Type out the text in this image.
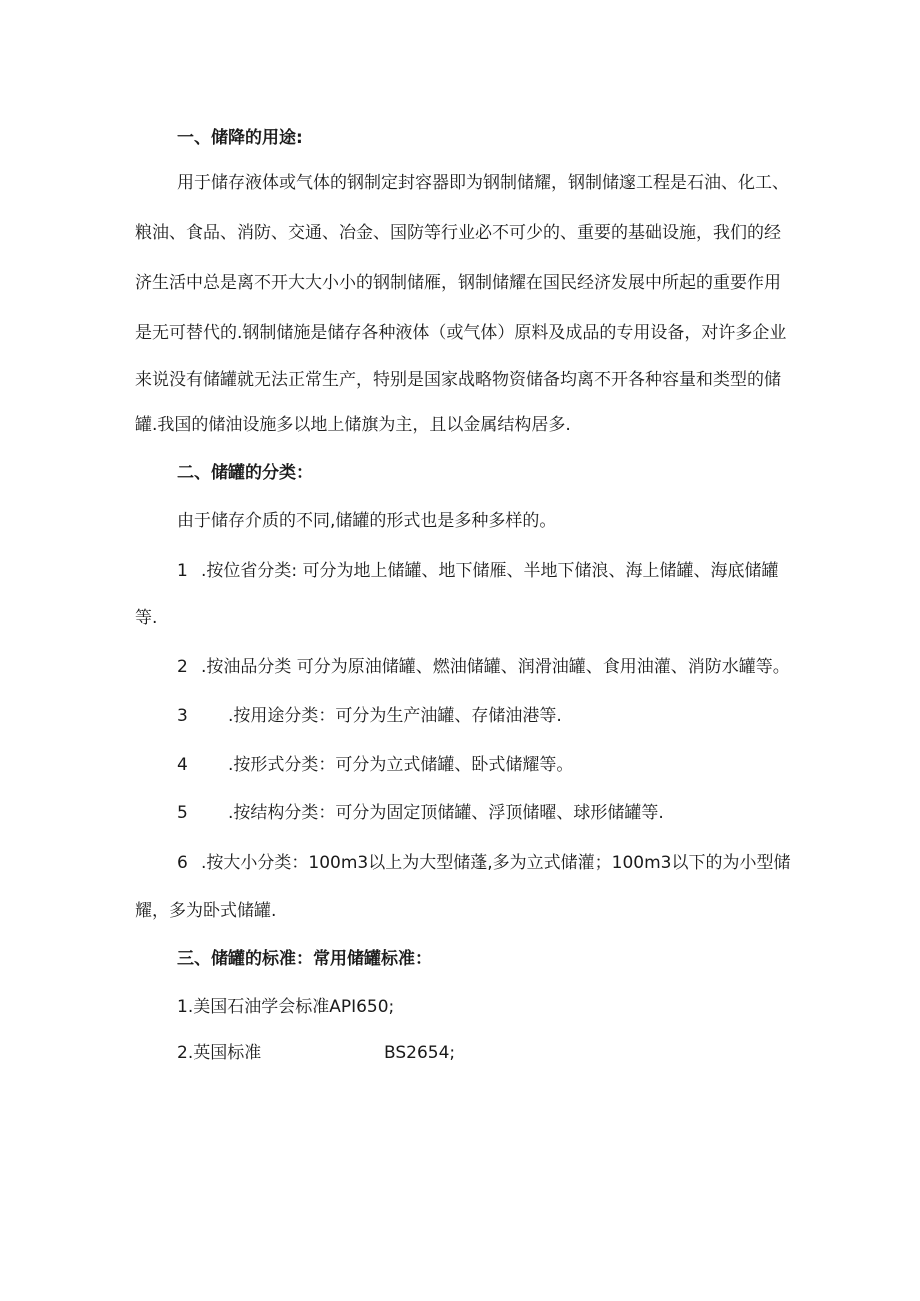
一、储降的用途:
用于储存液体或气体的钢制定封容器即为钢制储耀，钢制储邃工程是石油、化工、
粮油、食品、消防、交通、冶金、国防等行业必不可少的、重要的基础设施，我们的经
济生活中总是离不开大大小小的钢制储雁，钢制储耀在国民经济发展中所起的重要作用
是无可替代的.钢制储施是储存各种液体（或气体）原料及成品的专用设备，对许多企业
来说没有储罐就无法正常生产，特别是国家战略物资储备均离不开各种容量和类型的储
罐.我国的储油设施多以地上储旗为主，且以金属结构居多.
二、储罐的分类：
由于储存介质的不同,储罐的形式也是多种多样的。
1 .按位省分类: 可分为地上储罐、地下储雁、半地下储浪、海上储罐、海底储罐
等.
2 .按油品分类 可分为原油储罐、燃油储罐、润滑油罐、食用油灌、消防水罐等。
3 .按用途分类：可分为生产油罐、存储油港等.
4 .按形式分类：可分为立式储罐、卧式储耀等。
5 .按结构分类：可分为固定顶储罐、浮顶储曜、球形储罐等.
6 .按大小分类：100m3以上为大型储蓬,多为立式储灌；100m3以下的为小型储
耀，多为卧式储罐.
三、储罐的标准：常用储罐标准：
1.美国石油学会标准API650;
2.英国标准	BS2654;
